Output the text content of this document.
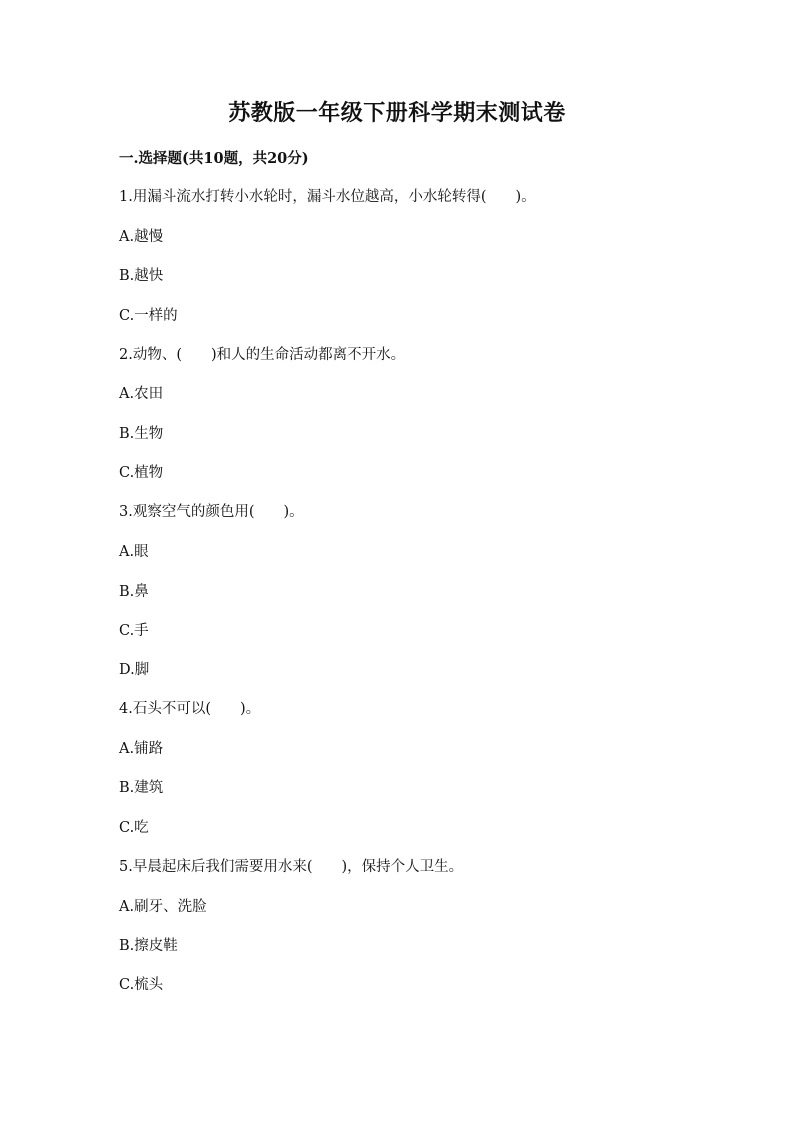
苏教版一年级下册科学期末测试卷
一.选择题(共10题，共20分)
1.用漏斗流水打转小水轮时，漏斗水位越高，小水轮转得(　　)。
A.越慢
B.越快
C.一样的
2.动物、(　　)和人的生命活动都离不开水。
A.农田
B.生物
C.植物
3.观察空气的颜色用(　　)。
A.眼
B.鼻
C.手
D.脚
4.石头不可以(　　)。
A.铺路
B.建筑
C.吃
5.早晨起床后我们需要用水来(　　)，保持个人卫生。
A.刷牙、洗脸
B.擦皮鞋
C.梳头
